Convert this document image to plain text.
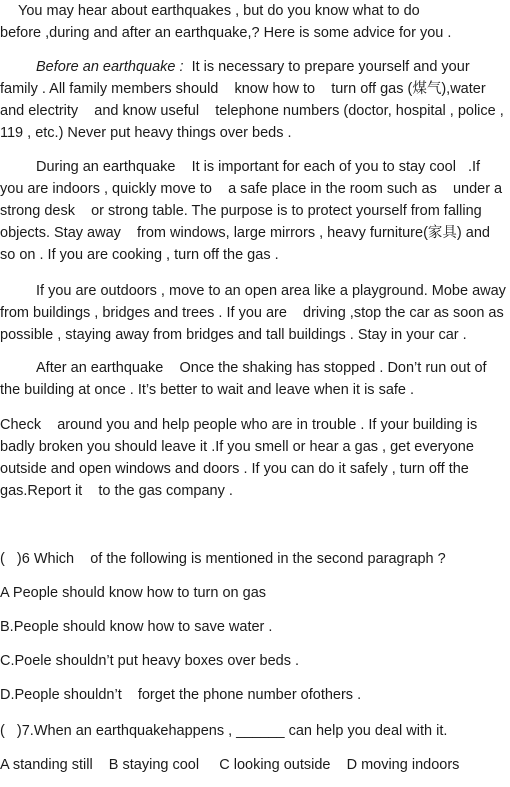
You may hear about earthquakes , but do you know what to do
before ,during and after an earthquake,? Here is some advice for you .
Before an earthquake :  It is necessary to prepare yourself and your
family . All family members should    know how to    turn off gas (煤气),water
and electrity    and know useful    telephone numbers (doctor, hospital , police ,
119 , etc.) Never put heavy things over beds .
During an earthquake    It is important for each of you to stay cool   .If
you are indoors , quickly move to    a safe place in the room such as    under a
strong desk    or strong table. The purpose is to protect yourself from falling
objects. Stay away    from windows, large mirrors , heavy furniture(家具) and
so on . If you are cooking , turn off the gas .
If you are outdoors , move to an open area like a playground. Mobe away
from buildings , bridges and trees . If you are    driving ,stop the car as soon as
possible , staying away from bridges and tall buildings . Stay in your car .
After an earthquake    Once the shaking has stopped . Don’t run out of
the building at once . It’s better to wait and leave when it is safe .
Check    around you and help people who are in trouble . If your building is
badly broken you should leave it .If you smell or hear a gas , get everyone
outside and open windows and doors . If you can do it safely , turn off the
gas.Report it    to the gas company .
(   )6 Which    of the following is mentioned in the second paragraph ?
A People should know how to turn on gas
B.People should know how to save water .
C.Poele shouldn’t put heavy boxes over beds .
D.People shouldn’t    forget the phone number ofothers .
(   )7.When an earthquakehappens , ______ can help you deal with it.
A standing still    B staying cool     C looking outside    D moving indoors
